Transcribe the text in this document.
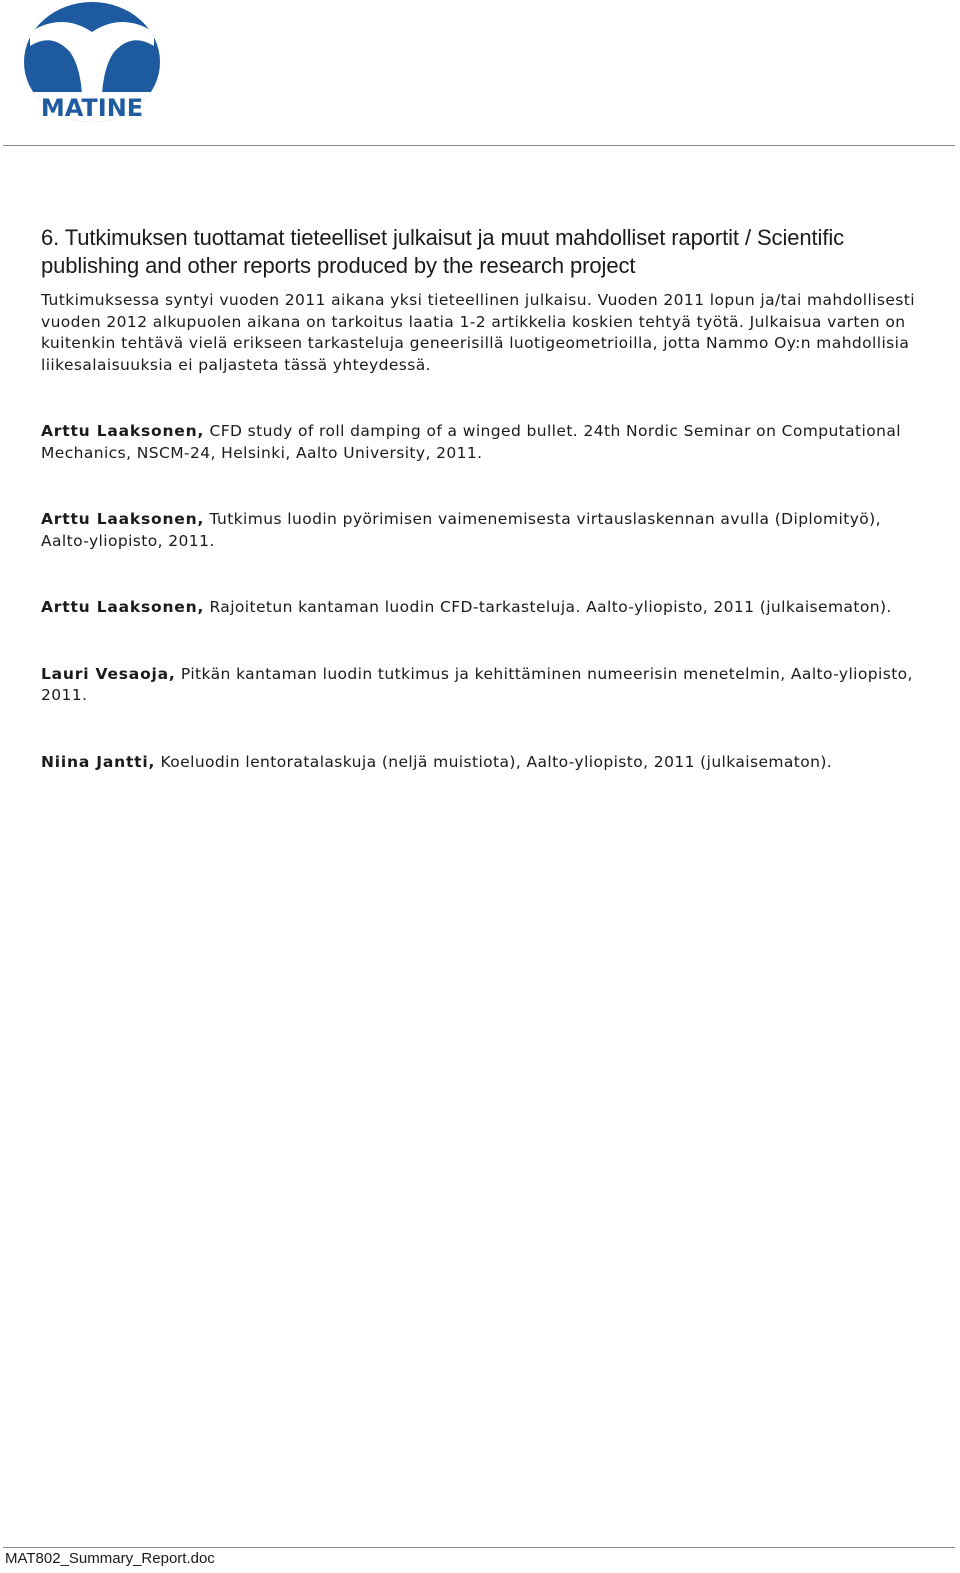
MATINE
6. Tutkimuksen tuottamat tieteelliset julkaisut ja muut mahdolliset raportit / Scientific publishing and other reports produced by the research project

Tutkimuksessa syntyi vuoden 2011 aikana yksi tieteellinen julkaisu. Vuoden 2011 lopun ja/tai mahdollisesti vuoden 2012 alkupuolen aikana on tarkoitus laatia 1-2 artikkelia koskien tehtyä työtä. Julkaisua varten on kuitenkin tehtävä vielä erikseen tarkasteluja geneerisillä luotigeometrioilla, jotta Nammo Oy:n mahdollisia liikesalaisuuksia ei paljasteta tässä yhteydessä.

Arttu Laaksonen, CFD study of roll damping of a winged bullet. 24th Nordic Seminar on Computational Mechanics, NSCM-24, Helsinki, Aalto University, 2011.
Arttu Laaksonen, Tutkimus luodin pyörimisen vaimenemisesta virtauslaskennan avulla (Diplomityö), Aalto-yliopisto, 2011.
Arttu Laaksonen, Rajoitetun kantaman luodin CFD-tarkasteluja. Aalto-yliopisto, 2011 (julkaisematon).
Lauri Vesaoja, Pitkän kantaman luodin tutkimus ja kehittäminen numeerisin menetelmin, Aalto-yliopisto, 2011.
Niina Jantti, Koeluodin lentoratalaskuja (neljä muistiota), Aalto-yliopisto, 2011 (julkaisematon).
MAT802_Summary_Report.doc
